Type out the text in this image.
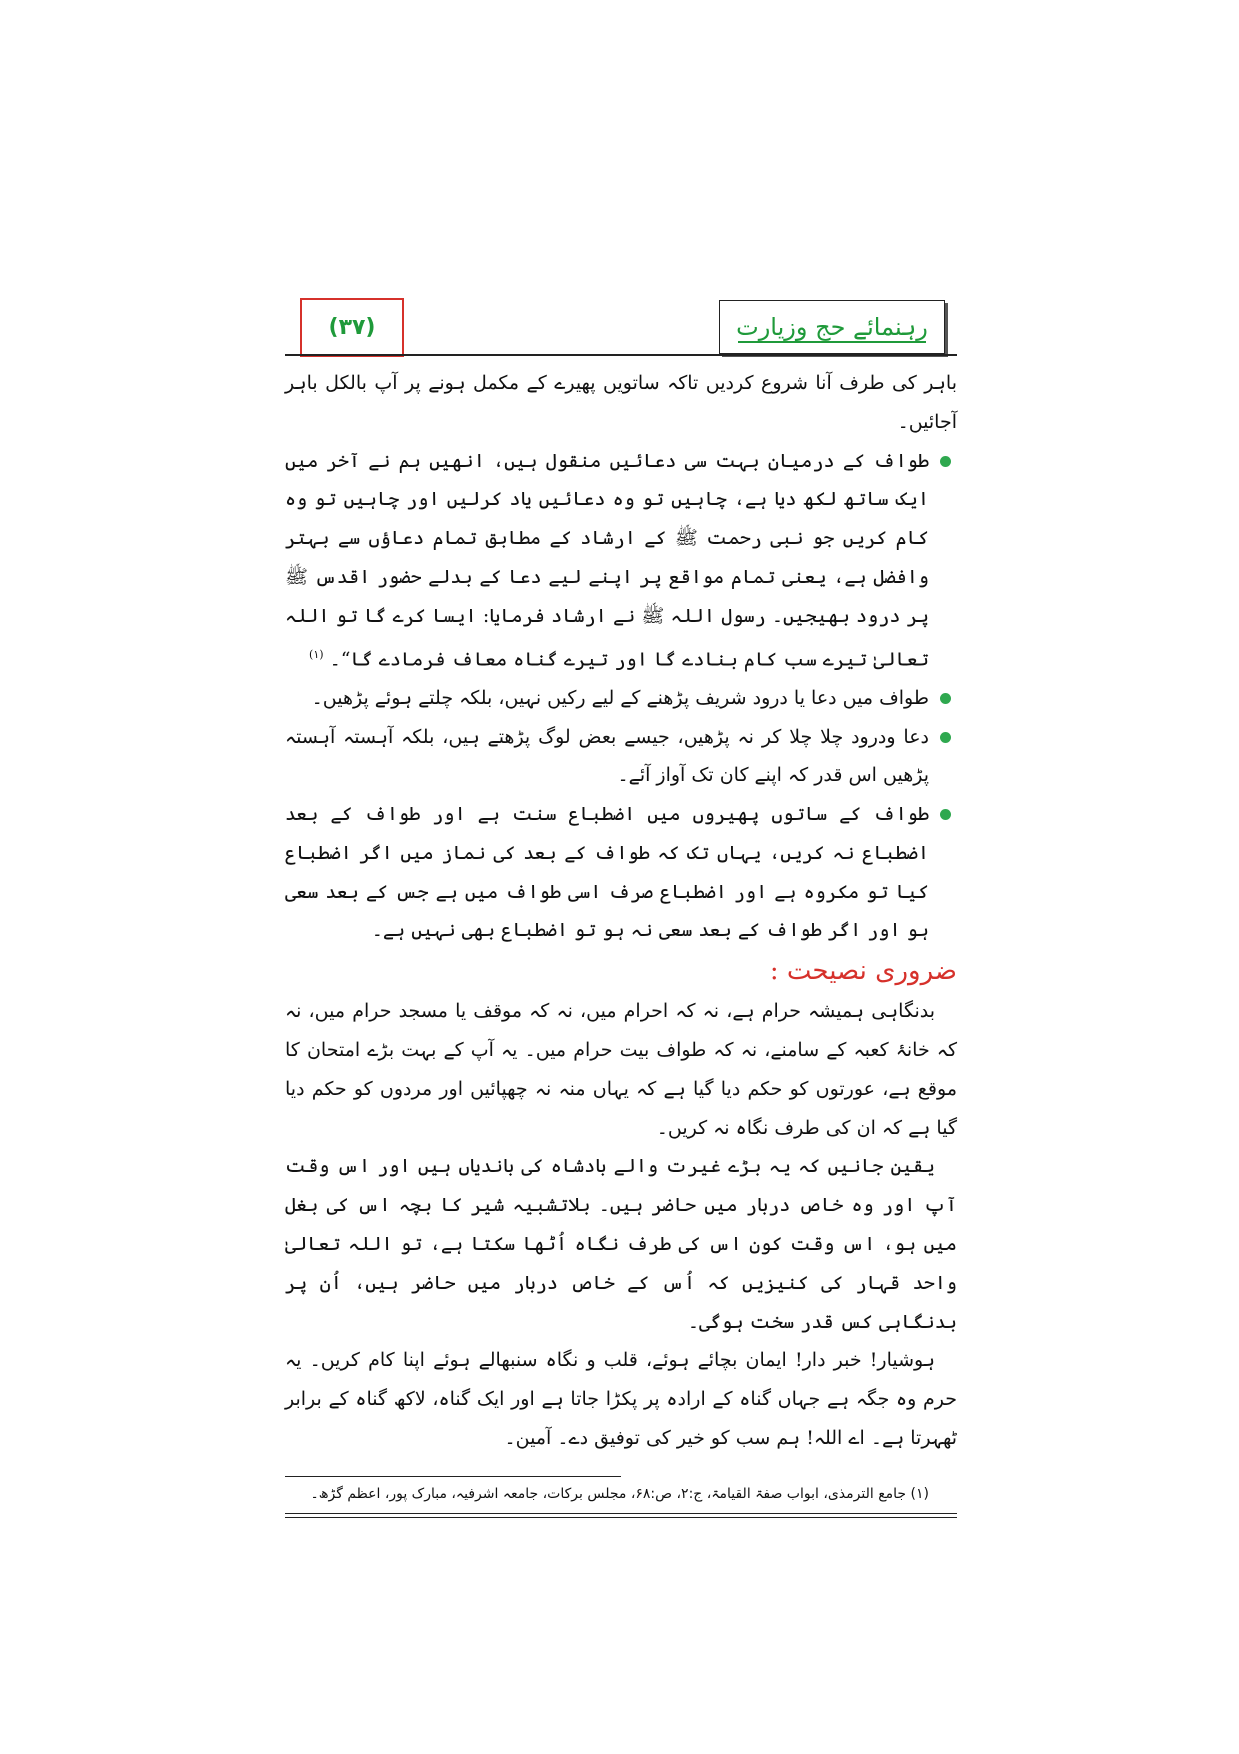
رہنمائے حج وزیارت
(۳۷)

باہر کی طرف آنا شروع کردیں تاکہ ساتویں پھیرے کے مکمل ہونے پر آپ بالکل باہر آجائیں۔

طواف کے درمیان بہت سی دعائیں منقول ہیں، انھیں ہم نے آخر میں ایک ساتھ لکھ دیا ہے، چاہیں تو وہ دعائیں یاد کرلیں اور چاہیں تو وہ کام کریں جو نبی رحمت ﷺ کے ارشاد کے مطابق تمام دعاؤں سے بہتر وافضل ہے، یعنی تمام مواقع پر اپنے لیے دعا کے بدلے حضور اقدس ﷺ پر درود بھیجیں۔ رسول اللہ ﷺ نے ارشاد فرمایا: ایسا کرے گا تو اللہ تعالیٰ تیرے سب کام بنادے گا اور تیرے گناہ معاف فرمادے گا“۔ $^{(۱)}$

طواف میں دعا یا درود شریف پڑھنے کے لیے رکیں نہیں، بلکہ چلتے ہوئے پڑھیں۔

دعا ودرود چلا چلا کر نہ پڑھیں، جیسے بعض لوگ پڑھتے ہیں، بلکہ آہستہ آہستہ پڑھیں اس قدر کہ اپنے کان تک آواز آئے۔

طواف کے ساتوں پھیروں میں اضطباع سنت ہے اور طواف کے بعد اضطباع نہ کریں، یہاں تک کہ طواف کے بعد کی نماز میں اگر اضطباع کیا تو مکروہ ہے اور اضطباع صرف اسی طواف میں ہے جس کے بعد سعی ہو اور اگر طواف کے بعد سعی نہ ہو تو اضطباع بھی نہیں ہے۔

ضروری نصیحت :

بدنگاہی ہمیشہ حرام ہے، نہ کہ احرام میں، نہ کہ موقف یا مسجد حرام میں، نہ کہ خانۂ کعبہ کے سامنے، نہ کہ طواف بیت حرام میں۔ یہ آپ کے بہت بڑے امتحان کا موقع ہے، عورتوں کو حکم دیا گیا ہے کہ یہاں منہ نہ چھپائیں اور مردوں کو حکم دیا گیا ہے کہ ان کی طرف نگاہ نہ کریں۔

یقین جانیں کہ یہ بڑے غیرت والے بادشاہ کی باندیاں ہیں اور اس وقت آپ اور وہ خاص دربار میں حاضر ہیں۔ بلاتشبیہ شیر کا بچہ اس کی بغل میں ہو، اس وقت کون اس کی طرف نگاہ اُٹھا سکتا ہے، تو اللہ تعالیٰ واحد قہار کی کنیزیں کہ اُس کے خاص دربار میں حاضر ہیں، اُن پر بدنگاہی کس قدر سخت ہوگی۔

ہوشیار! خبر دار! ایمان بچائے ہوئے، قلب و نگاہ سنبھالے ہوئے اپنا کام کریں۔ یہ حرم وہ جگہ ہے جہاں گناہ کے ارادہ پر پکڑا جاتا ہے اور ایک گناہ، لاکھ گناہ کے برابر ٹھہرتا ہے۔ اے اللہ! ہم سب کو خیر کی توفیق دے۔ آمین۔

(۱) جامع الترمذی، ابواب صفۃ القیامۃ، ج:۲، ص:۶۸، مجلس برکات، جامعہ اشرفیہ، مبارک پور، اعظم گڑھ۔
